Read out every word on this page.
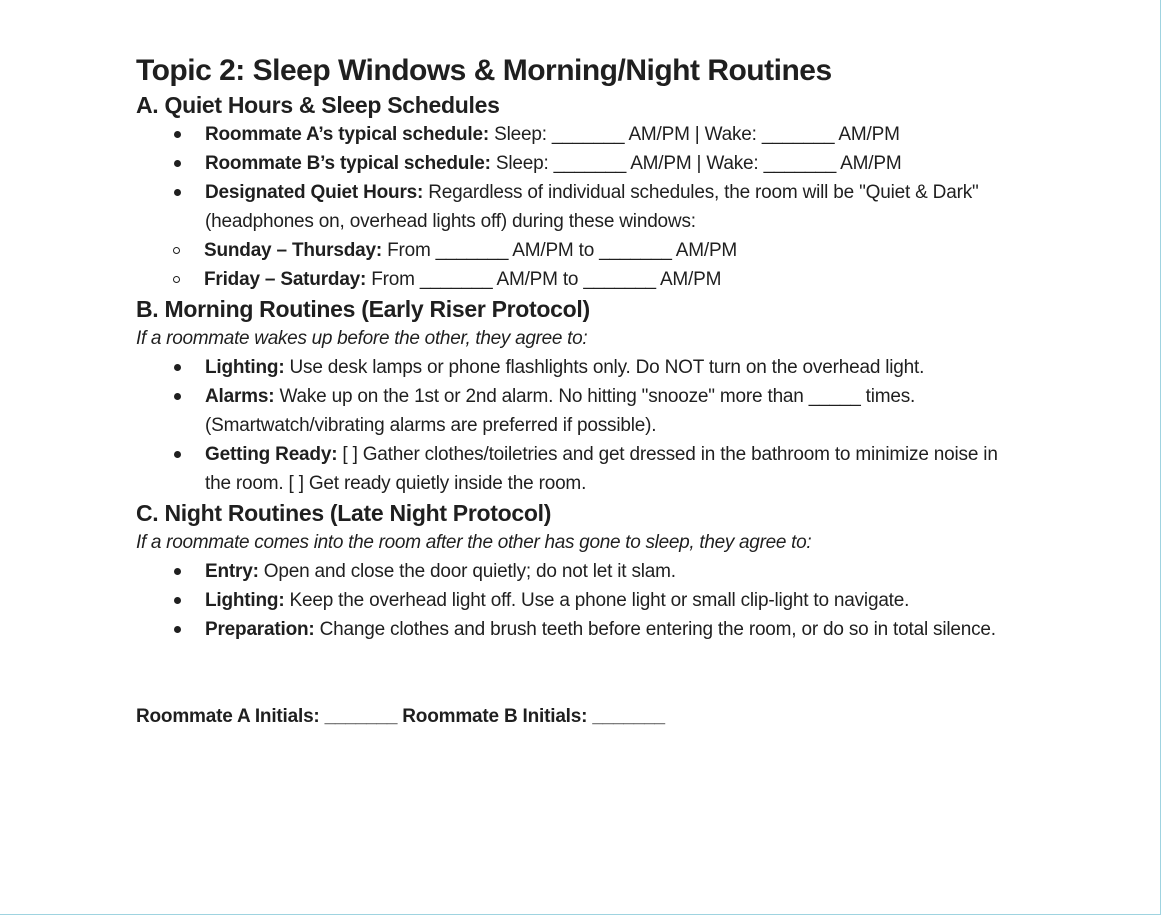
Topic 2: Sleep Windows & Morning/Night Routines
A. Quiet Hours & Sleep Schedules
Roommate A’s typical schedule: Sleep: _______ AM/PM | Wake: _______ AM/PM
Roommate B’s typical schedule: Sleep: _______ AM/PM | Wake: _______ AM/PM
Designated Quiet Hours: Regardless of individual schedules, the room will be "Quiet & Dark" (headphones on, overhead lights off) during these windows:
Sunday – Thursday: From _______ AM/PM to _______ AM/PM
Friday – Saturday: From _______ AM/PM to _______ AM/PM
B. Morning Routines (Early Riser Protocol)
If a roommate wakes up before the other, they agree to:
Lighting: Use desk lamps or phone flashlights only. Do NOT turn on the overhead light.
Alarms: Wake up on the 1st or 2nd alarm. No hitting "snooze" more than _____ times. (Smartwatch/vibrating alarms are preferred if possible).
Getting Ready: [ ] Gather clothes/toiletries and get dressed in the bathroom to minimize noise in the room. [ ] Get ready quietly inside the room.
C. Night Routines (Late Night Protocol)
If a roommate comes into the room after the other has gone to sleep, they agree to:
Entry: Open and close the door quietly; do not let it slam.
Lighting: Keep the overhead light off. Use a phone light or small clip-light to navigate.
Preparation: Change clothes and brush teeth before entering the room, or do so in total silence.
Roommate A Initials: _______ Roommate B Initials: _______
